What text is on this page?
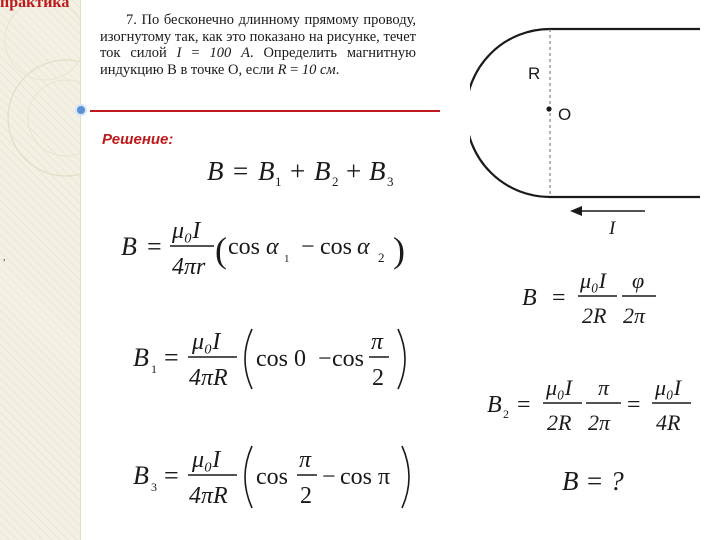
практика
,
7. По бесконечно длинному прямому проводу, изогнутому так, как это показано на рисунке, течет ток силой I = 100 А. Определить магнитную индукцию В в точке О, если R = 10 см.
Решение:
R
O
I
B = B 1 + B 2 + B 3
B =
μ₀I
4πr ( cos α 1 − cos α 2 )
B 1 =
μ₀I
4πR
cos 0 − cos
π
2
B 3 =
μ₀I
4πR
cos
π
2
− cos π
B =
μ₀I
2R
φ
2π
B 2 =
μ₀I
2R
π
2π
=
μ₀I
4R
B = ?
